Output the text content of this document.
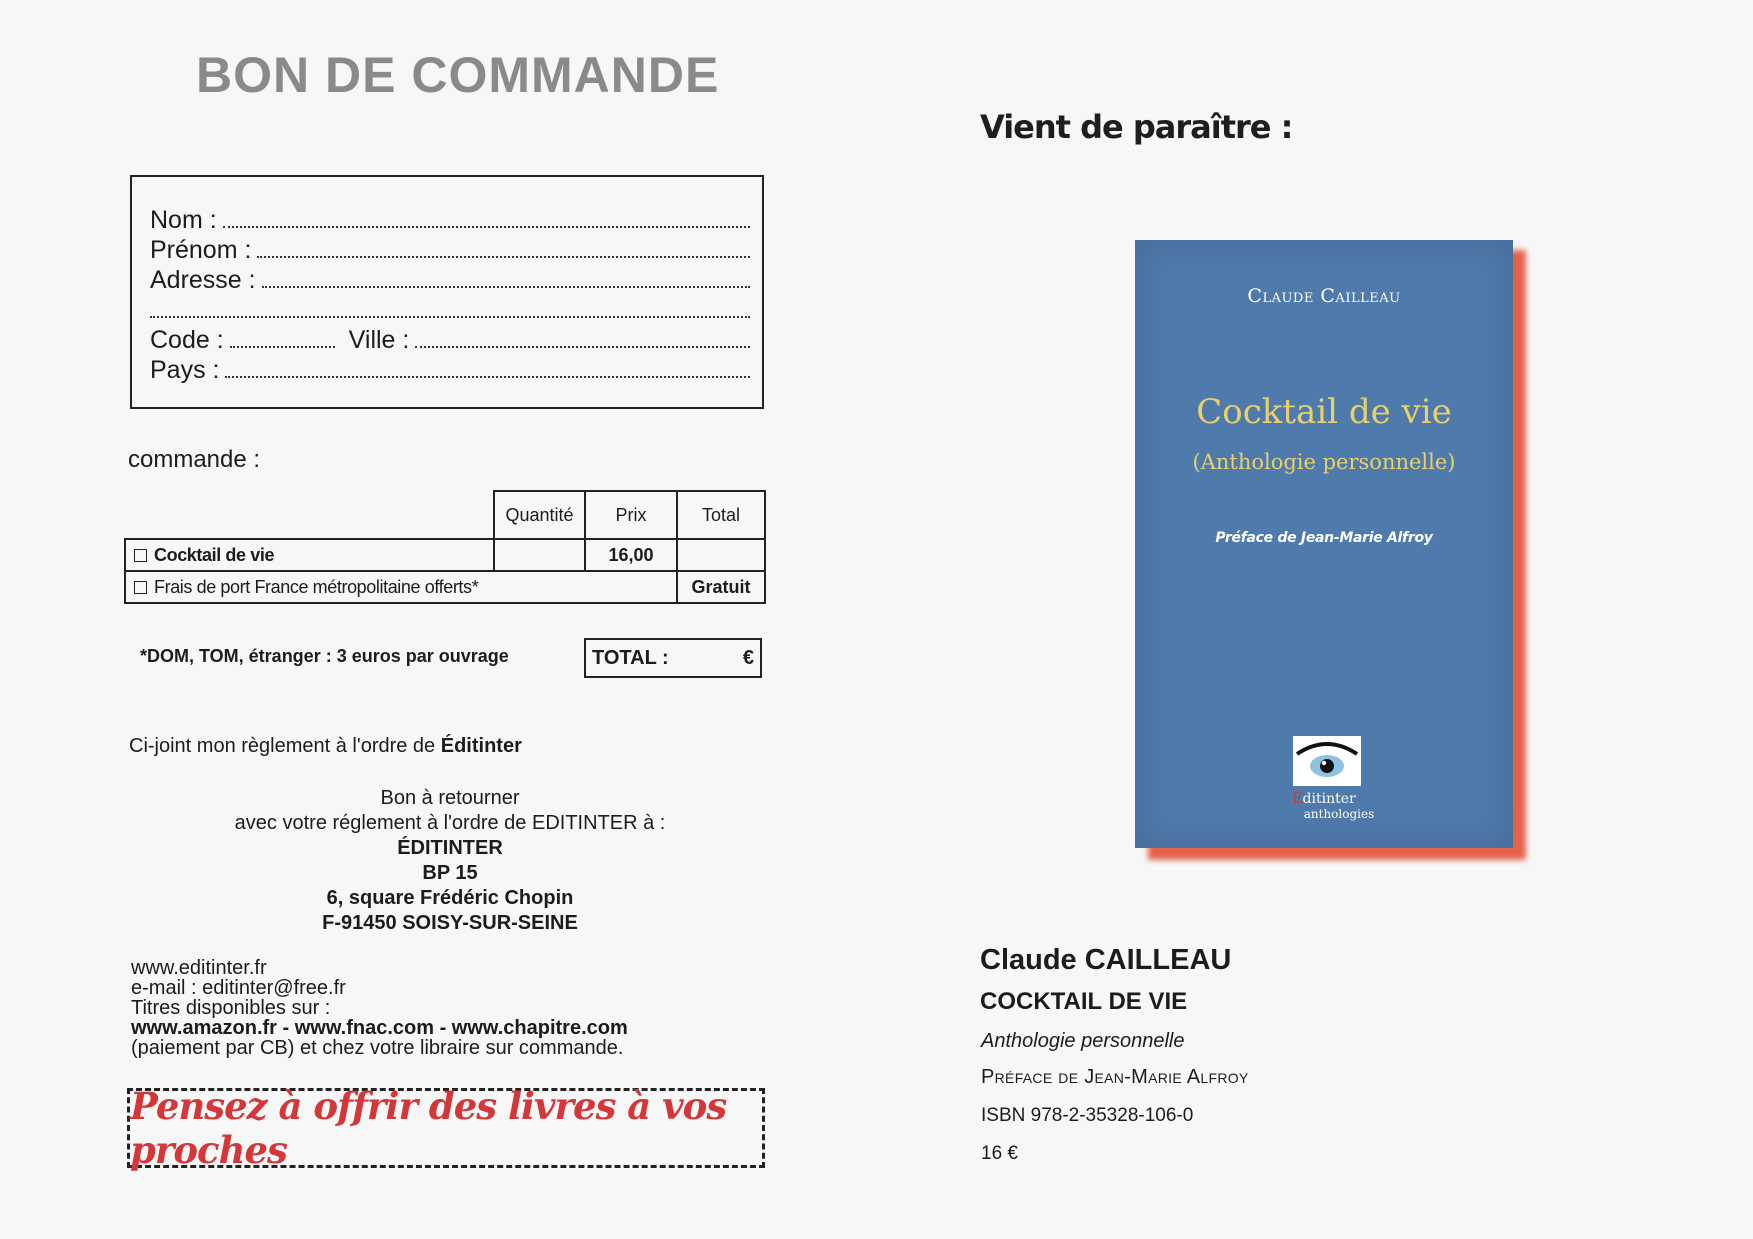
BON DE COMMANDE
Nom :
Prénom :
Adresse :
Code :	Ville :
Pays :
commande :
	Quantité	Prix	Total
Cocktail de vie		16,00	
Frais de port France métropolitaine offerts*			Gratuit
*DOM, TOM, étranger : 3 euros par ouvrage	TOTAL :	€
Ci-joint mon règlement à l'ordre de Éditinter
Bon à retourner
avec votre réglement à l'ordre de EDITINTER à :
ÉDITINTER
BP 15
6, square Frédéric Chopin
F-91450 SOISY-SUR-SEINE
www.editinter.fr
e-mail : editinter@free.fr
Titres disponibles sur :
www.amazon.fr - www.fnac.com - www.chapitre.com
(paiement par CB) et chez votre libraire sur commande.
Pensez à offrir des livres à vos proches
Vient de paraître :
Claude Cailleau
Cocktail de vie
(Anthologie personnelle)
Préface de Jean-Marie Alfroy
Éditinter
anthologies
Claude CAILLEAU
COCKTAIL DE VIE
Anthologie personnelle
Préface de Jean-Marie Alfroy
ISBN 978-2-35328-106-0
16 €
